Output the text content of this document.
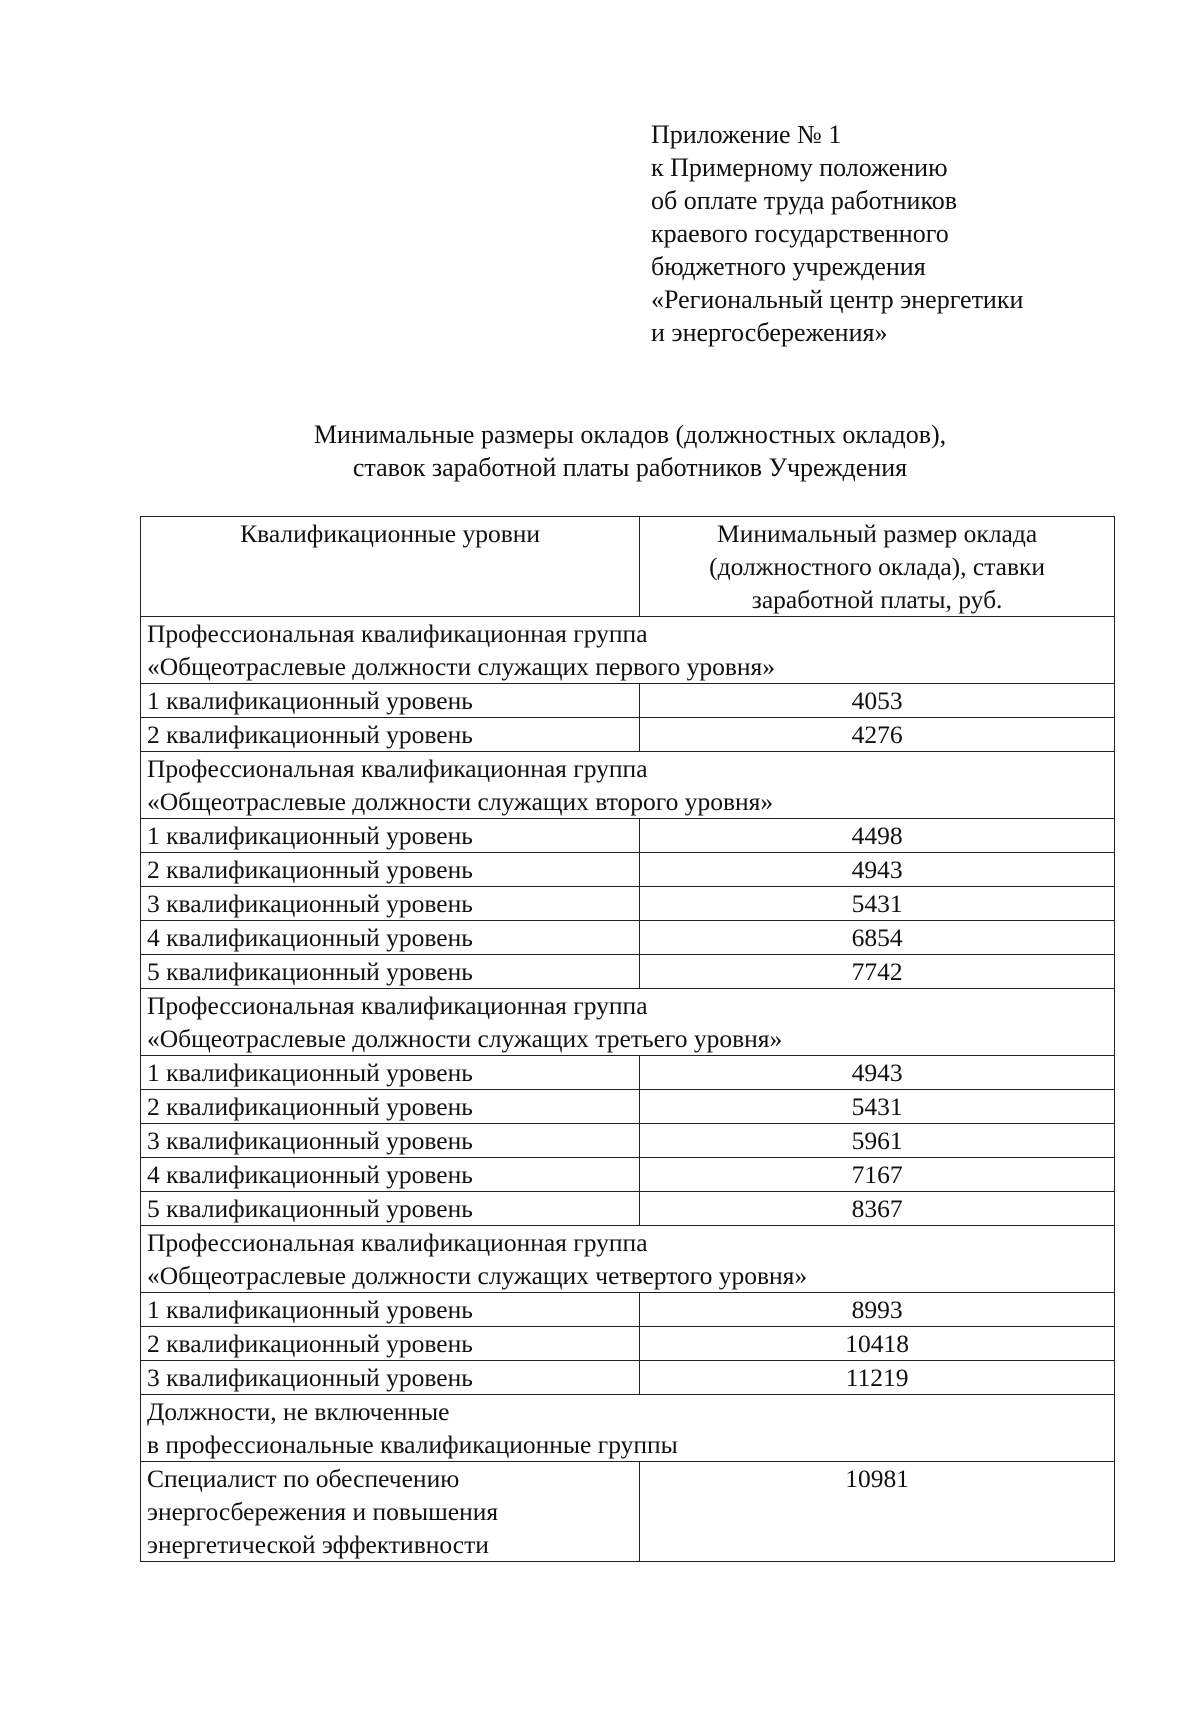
Приложение № 1
к Примерному положению
об оплате труда работников
краевого государственного
бюджетного учреждения
«Региональный центр энергетики
и энергосбережения»
Минимальные размеры окладов (должностных окладов),
ставок заработной платы работников Учреждения
Квалификационные уровни	Минимальный размер оклада
(должностного оклада), ставки
заработной платы, руб.

Профессиональная квалификационная группа
«Общеотраслевые должности служащих первого уровня»	

1 квалификационный уровень	4053
2 квалификационный уровень	4276

Профессиональная квалификационная группа
«Общеотраслевые должности служащих второго уровня»	

1 квалификационный уровень	4498
2 квалификационный уровень	4943
3 квалификационный уровень	5431
4 квалификационный уровень	6854
5 квалификационный уровень	7742

Профессиональная квалификационная группа
«Общеотраслевые должности служащих третьего уровня»	

1 квалификационный уровень	4943
2 квалификационный уровень	5431
3 квалификационный уровень	5961
4 квалификационный уровень	7167
5 квалификационный уровень	8367

Профессиональная квалификационная группа
«Общеотраслевые должности служащих четвертого уровня»	

1 квалификационный уровень	8993
2 квалификационный уровень	10418
3 квалификационный уровень	11219

Должности, не включенные
в профессиональные квалификационные группы	

Специалист по обеспечению
энергосбережения и повышения
энергетической эффективности	10981
